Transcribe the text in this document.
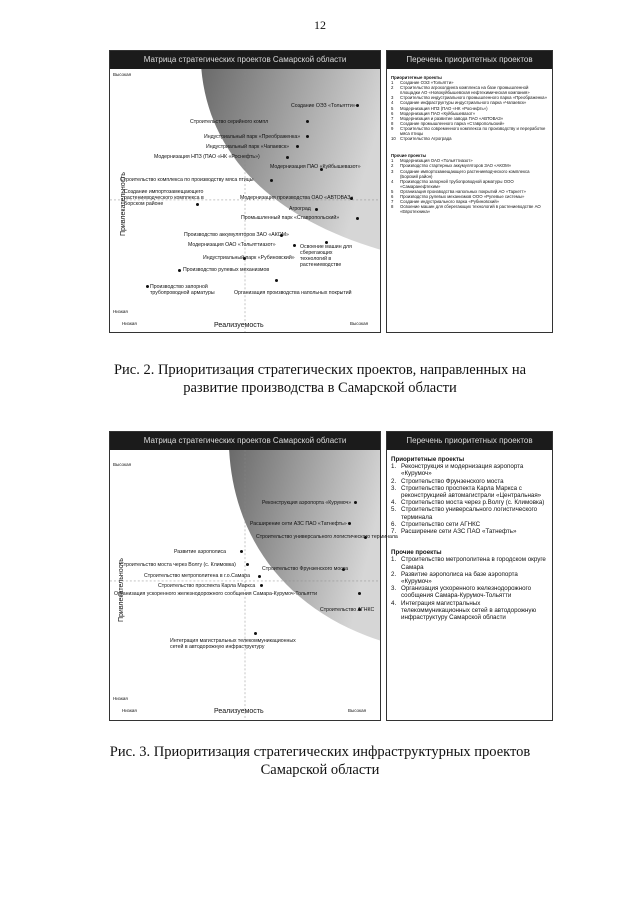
12
Матрица стратегических проектов Самарской области
Высокая
Низкая
Низкая	Высокая
Привлекательность
Реализуемость
Создание ОЭЗ «Тольятти»
Строительство серийного компл
Индустриальный парк «Преображенка»
Индустриальный парк «Чапаевск»
Модернизация НПЗ (ПАО «НК «Роснефть»)
Модернизация ПАО «Куйбышевазот»
Строительство комплекса по производству мяса птицы
Создание импортозамещающего растениеводческого комплекса в Борском районе
Модернизация производства ОАО «АВТОВАЗ»
Агроград
Промышленный парк «Ставропольский»
Производство аккумуляторов ЗАО «АКОМ»
Модернизация ОАО «Тольяттиазот»	Освоение машин для сберегающих технологий в растениеводстве
Индустриальный парк «Рубиновский»
Производство рулевых механизмов
Производство запорной трубопроводной арматуры	Организация производства напольных покрытий
Перечень приоритетных проектов
Приоритетные проекты
1	Создание ОЭЗ «Тольятти»
2	Строительство агрохолдинга комплекса на базе промышленной площадки АО «Новокуйбышевская нефтехимическая компания»
3	Строительство индустриального промышленного парка «Преображенка»
4	Создание инфраструктуры индустриального парка «Чапаевск»
5	Модернизация НПЗ (ПАО «НК «Роснефть»)
6	Модернизация ПАО «Куйбышевазот»
7	Модернизация и развитие завода ПАО «АВТОВАЗ»
8	Создание промышленного парка «Ставропольский»
9	Строительство современного комплекса по производству и переработке мяса птицы
10 Строительство Агрограда
Прочие проекты
1	Модернизация ОАО «Тольяттиазот»
2	Производство стартерных аккумуляторов ЗАО «АКОМ»
3	Создание импортозамещающего растениеводческого комплекса (Борский район)
4	Производство запорной трубопроводной арматуры ООО «Самаранефтехим»
5	Организация производства напольных покрытий АО «Таркетт»
6	Производство рулевых механизмов ООО «Рулевые системы»
7	Создание индустриального парка «Рубиновский»
8	Освоение машин для сберегающих технологий в растениеводстве АО «Евротехника»
Рис. 2. Приоритизация стратегических проектов, направленных на
развитие производства в Самарской области
Матрица стратегических проектов Самарской области
Высокая
Низкая
Низкая	Высокая
Привлекательность
Реализуемость
Реконструкция аэропорта «Курумоч»
Расширение сети АЗС ПАО «Татнефть»
Строительство универсального логистического терминала
Развитие аэрополиса
Строительство моста через Волгу (с. Климовка)
Строительство метрополитена в г.о.Самара
Строительство Фрунзенского моста
Строительство проспекта Карла Маркса
Организация ускоренного железнодорожного сообщения Самара-Курумоч-Тольятти
Строительство АГНКС
Интеграция магистральных телекоммуникационных сетей в автодорожную инфраструктуру
Перечень приоритетных проектов
Приоритетные проекты
1. Реконструкция и модернизация аэропорта «Курумоч»
2. Строительство Фрунзенского моста
3. Строительство проспекта Карла Маркса с реконструкцией автомагистрали «Центральная»
4. Строительство моста через р.Волгу (с. Климовка)
5. Строительство универсального логистического терминала
6. Строительство сети АГНКС
7. Расширение сети АЗС ПАО «Татнефть»
Прочие проекты
1. Строительство метрополитена в городском округе Самара
2. Развитие аэрополиса на базе аэропорта «Курумоч»
3. Организация ускоренного железнодорожного сообщения Самара-Курумоч-Тольятти
4. Интеграция магистральных телекоммуникационных сетей в автодорожную инфраструктуру Самарской области
Рис. 3. Приоритизация стратегических инфраструктурных проектов
Самарской области
